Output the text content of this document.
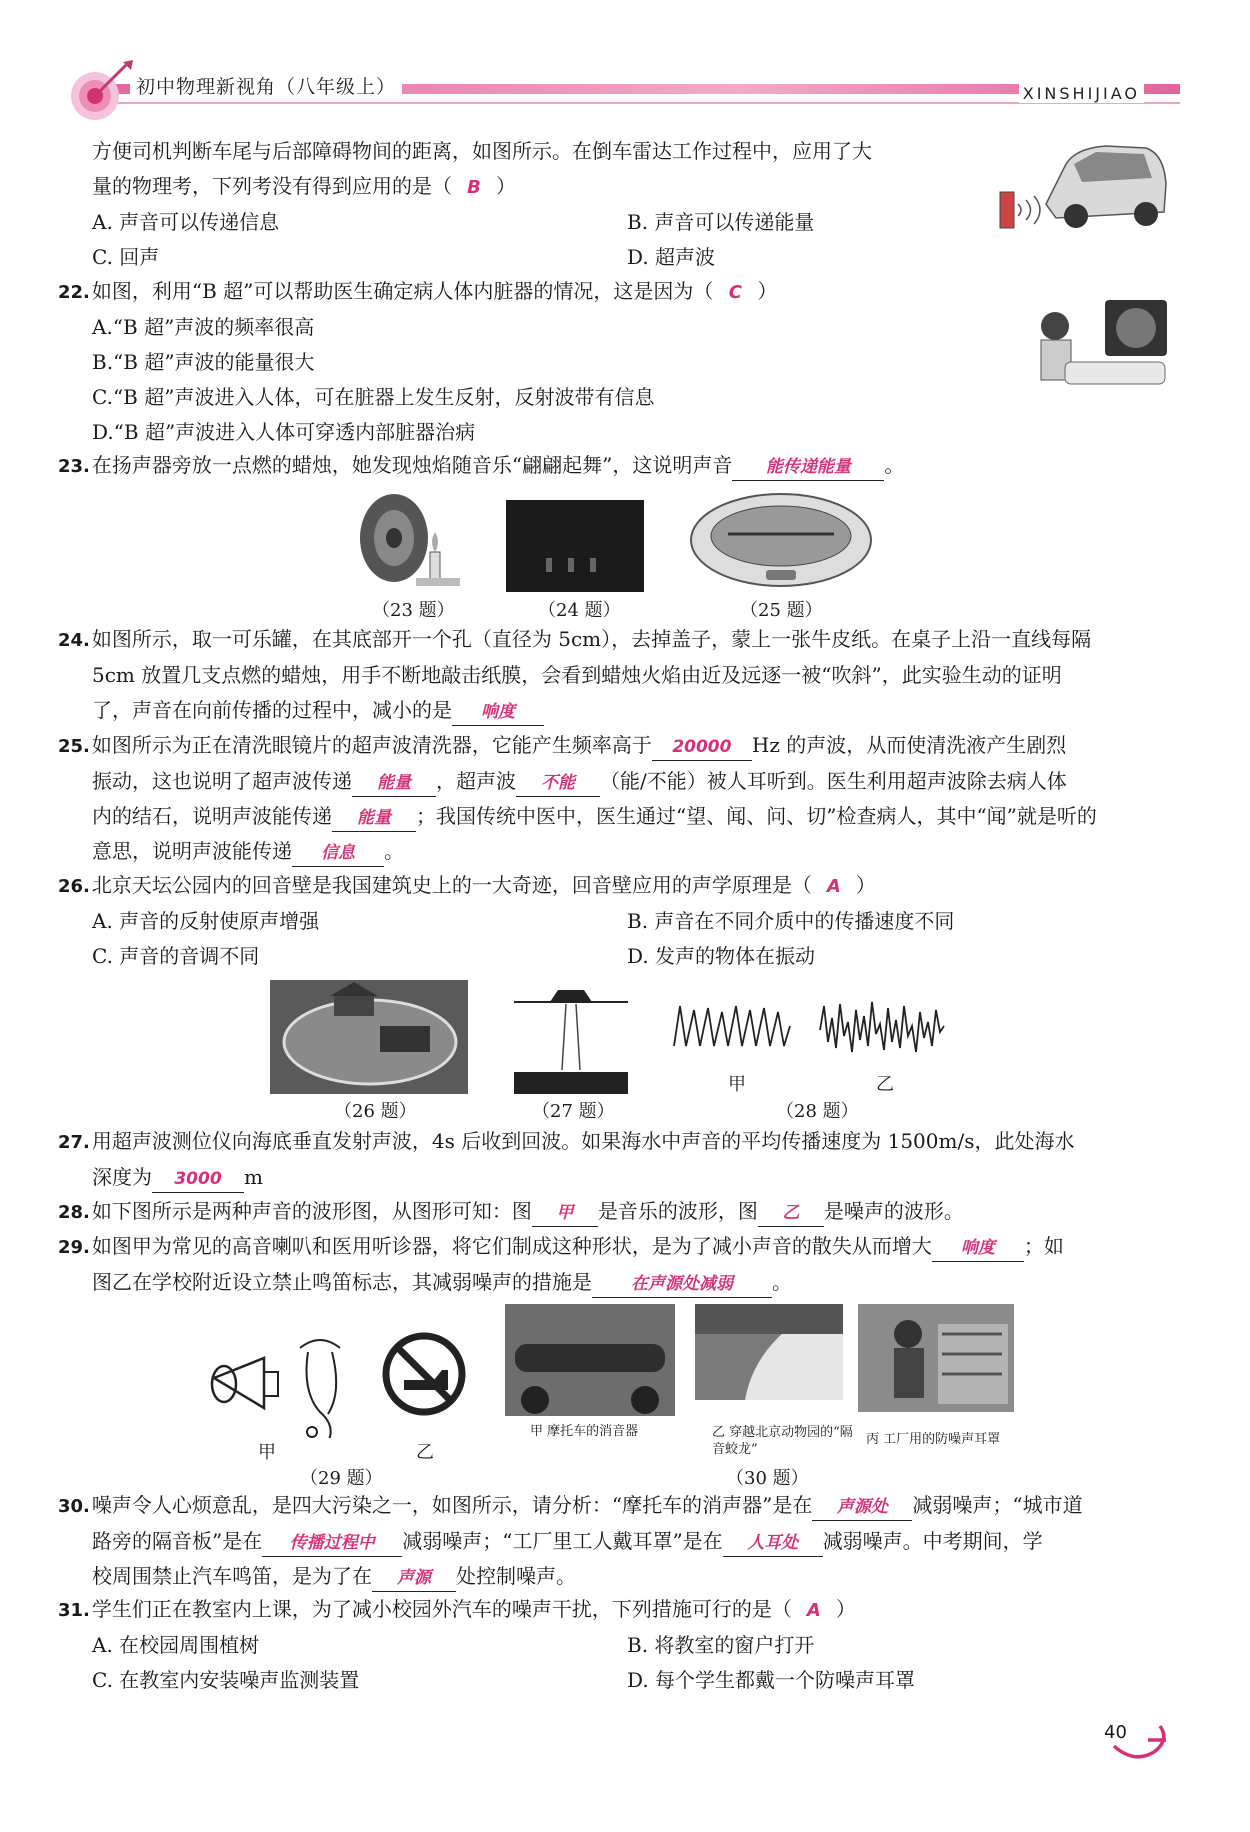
初中物理新视角（八年级上）	XINSHIJIAO

方便司机判断车尾与后部障碍物间的距离，如图所示。在倒车雷达工作过程中，应用了大

量的物理考，下列考没有得到应用的是（ B ）

A. 声音可以传递信息	B. 声音可以传递能量
C. 回声	D. 超声波

22. 如图，利用“B 超”可以帮助医生确定病人体内脏器的情况，这是因为（ C ）

A.“B 超”声波的频率很高

B.“B 超”声波的能量很大

C.“B 超”声波进入人体，可在脏器上发生反射，反射波带有信息

D.“B 超”声波进入人体可穿透内部脏器治病

23. 在扬声器旁放一点燃的蜡烛，她发现烛焰随音乐“翩翩起舞”，这说明声音 能传递能量 。

（23 题）	（24 题）	（25 题）

24. 如图所示，取一可乐罐，在其底部开一个孔（直径为 5cm），去掉盖子，蒙上一张牛皮纸。在桌子上沿一直线每隔

5cm 放置几支点燃的蜡烛，用手不断地敲击纸膜，会看到蜡烛火焰由近及远逐一被“吹斜”，此实验生动的证明

了，声音在向前传播的过程中，减小的是 响度

25. 如图所示为正在清洗眼镜片的超声波清洗器，它能产生频率高于 20000 Hz 的声波，从而使清洗液产生剧烈

振动，这也说明了超声波传递 能量 ，超声波 不能 （能/不能）被人耳听到。医生利用超声波除去病人体

内的结石，说明声波能传递 能量 ；我国传统中医中，医生通过“望、闻、问、切”检查病人，其中“闻”就是听的

意思，说明声波能传递 信息 。

26. 北京天坛公园内的回音壁是我国建筑史上的一大奇迹，回音壁应用的声学原理是（ A ）

A. 声音的反射使原声增强	B. 声音在不同介质中的传播速度不同
C. 声音的音调不同	D. 发声的物体在振动
甲	乙
（26 题）	（27 题）	（28 题）

27. 用超声波测位仪向海底垂直发射声波，4s 后收到回波。如果海水中声音的平均传播速度为 1500m/s，此处海水

深度为 3000 m

28. 如下图所示是两种声音的波形图，从图形可知：图 甲 是音乐的波形，图 乙 是噪声的波形。

29. 如图甲为常见的高音喇叭和医用听诊器，将它们制成这种形状，是为了减小声音的散失从而增大 响度 ；如

图乙在学校附近设立禁止鸣笛标志，其减弱噪声的措施是 在声源处减弱 。

甲	乙
（29 题）
甲 摩托车的消音器	乙 穿越北京动物园的“隔音蛟龙”
丙 工厂用的防噪声耳罩
（30 题）

30. 噪声令人心烦意乱，是四大污染之一，如图所示，请分析：“摩托车的消声器”是在 声源处 减弱噪声；“城市道

路旁的隔音板”是在 传播过程中 减弱噪声；“工厂里工人戴耳罩”是在 人耳处 减弱噪声。中考期间，学

校周围禁止汽车鸣笛，是为了在 声源 处控制噪声。

31. 学生们正在教室内上课，为了减小校园外汽车的噪声干扰，下列措施可行的是（ A ）

A. 在校园周围植树	B. 将教室的窗户打开
C. 在教室内安装噪声监测装置	D. 每个学生都戴一个防噪声耳罩
40
